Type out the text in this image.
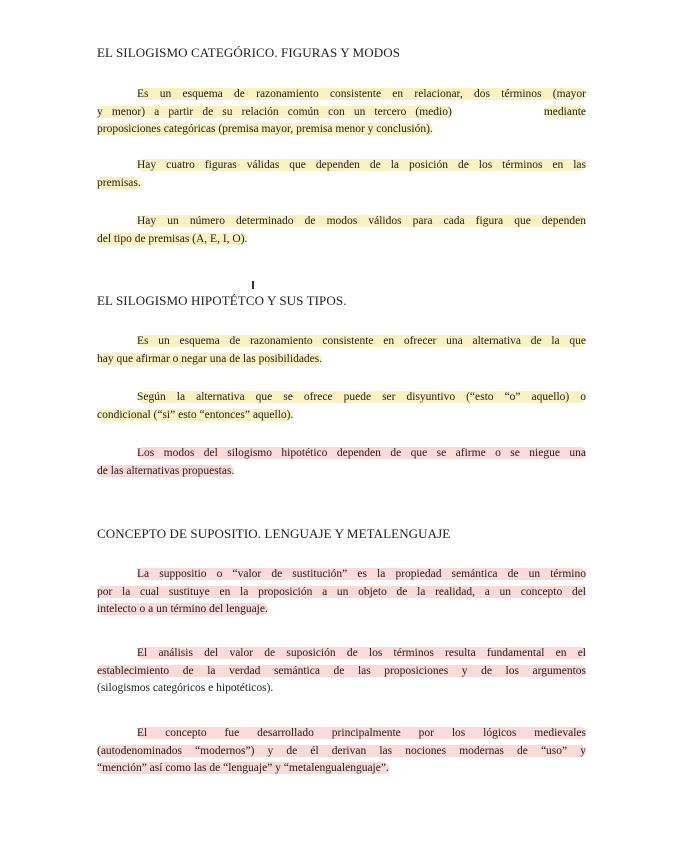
EL SILOGISMO CATEGÓRICO. FIGURAS Y MODOS
Es un esquema de razonamiento consistente en relacionar, dos términos (mayor
y menor) a partir de su relación común con un tercero (medio)	mediante
proposiciones categóricas (premisa mayor, premisa menor y conclusión).
Hay cuatro figuras válidas que dependen de la posición de los términos en las
premisas.
Hay un número determinado de modos válidos para cada figura que dependen
del tipo de premisas (A, E, I, O).
EL SILOGISMO HIPOTÉTCO Y SUS TIPOS.
Es un esquema de razonamiento consistente en ofrecer una alternativa de la que
hay que afirmar o negar una de las posibilidades.
Según la alternativa que se ofrece puede ser disyuntivo (“esto “o” aquello) o
condicional (“si” esto “entonces” aquello).
Los modos del silogismo hipotético dependen de que se afirme o se niegue una
de las alternativas propuestas.
CONCEPTO DE SUPOSITIO. LENGUAJE Y METALENGUAJE
La suppositio o “valor de sustitución” es la propiedad semántica de un término
por la cual sustituye en la proposición a un objeto de la realidad, a un concepto del
intelecto o a un término del lenguaje.
El análisis del valor de suposición de los términos resulta fundamental en el
establecimiento de la verdad semántica de las proposiciones y de los argumentos
(silogismos categóricos e hipotéticos).
El concepto fue desarrollado principalmente por los lógicos medievales
(autodenominados “modernos”) y de él derivan las nociones modernas de “uso” y
“mención” así como las de “lenguaje” y “metalengualenguaje”.
